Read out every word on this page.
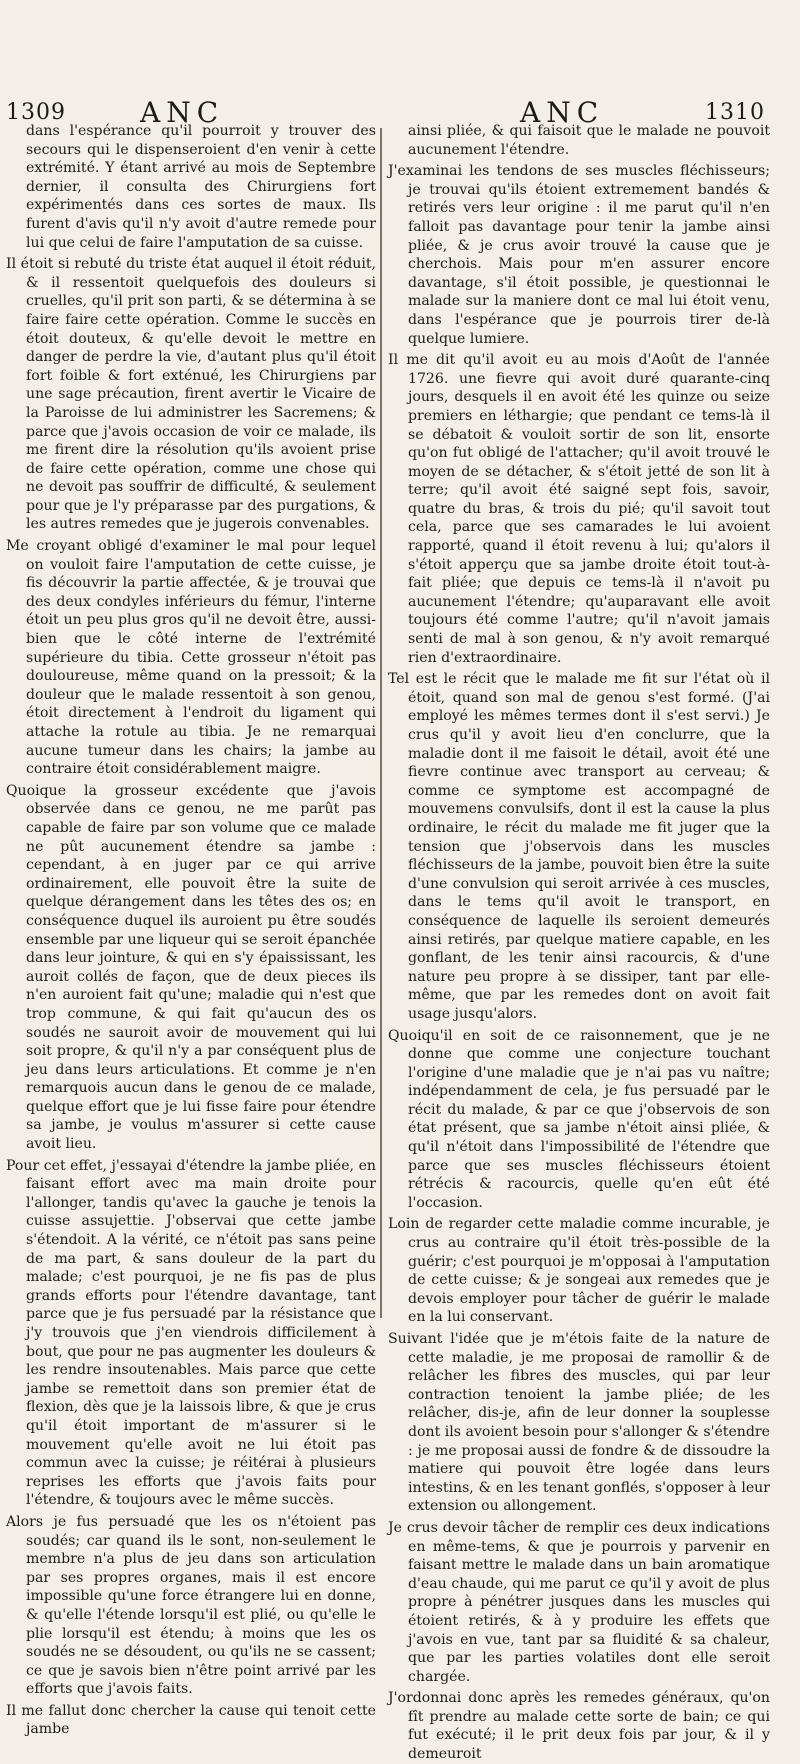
1309	ANC	ANC	1310

dans l'espérance qu'il pourroit y trouver des secours qui le dispenseroient d'en venir à cette extrémité. Y étant arrivé au mois de Septembre dernier, il consulta des Chirurgiens fort expérimentés dans ces sortes de maux. Ils furent d'avis qu'il n'y avoit d'autre remede pour lui que celui de faire l'amputation de sa cuisse.

Il étoit si rebuté du triste état auquel il étoit réduit, & il ressentoit quelquefois des douleurs si cruelles, qu'il prit son parti, & se détermina à se faire faire cette opération. Comme le succès en étoit douteux, & qu'elle devoit le mettre en danger de perdre la vie, d'autant plus qu'il étoit fort foible & fort exténué, les Chirurgiens par une sage précaution, firent avertir le Vicaire de la Paroisse de lui administrer les Sacremens; & parce que j'avois occasion de voir ce malade, ils me firent dire la résolution qu'ils avoient prise de faire cette opération, comme une chose qui ne devoit pas souffrir de difficulté, & seulement pour que je l'y préparasse par des purgations, & les autres remedes que je jugerois convenables.

Me croyant obligé d'examiner le mal pour lequel on vouloit faire l'amputation de cette cuisse, je fis découvrir la partie affectée, & je trouvai que des deux condyles inférieurs du fémur, l'interne étoit un peu plus gros qu'il ne devoit être, aussi-bien que le côté interne de l'extrémité supérieure du tibia. Cette grosseur n'étoit pas douloureuse, même quand on la pressoit; & la douleur que le malade ressentoit à son genou, étoit directement à l'endroit du ligament qui attache la rotule au tibia. Je ne remarquai aucune tumeur dans les chairs; la jambe au contraire étoit considérablement maigre.

Quoique la grosseur excédente que j'avois observée dans ce genou, ne me parût pas capable de faire par son volume que ce malade ne pût aucunement étendre sa jambe : cependant, à en juger par ce qui arrive ordinairement, elle pouvoit être la suite de quelque dérangement dans les têtes des os; en conséquence duquel ils auroient pu être soudés ensemble par une liqueur qui se seroit épanchée dans leur jointure, & qui en s'y épaississant, les auroit collés de façon, que de deux pieces ils n'en auroient fait qu'une; maladie qui n'est que trop commune, & qui fait qu'aucun des os soudés ne sauroit avoir de mouvement qui lui soit propre, & qu'il n'y a par conséquent plus de jeu dans leurs articulations. Et comme je n'en remarquois aucun dans le genou de ce malade, quelque effort que je lui fisse faire pour étendre sa jambe, je voulus m'assurer si cette cause avoit lieu.

Pour cet effet, j'essayai d'étendre la jambe pliée, en faisant effort avec ma main droite pour l'allonger, tandis qu'avec la gauche je tenois la cuisse assujettie. J'observai que cette jambe s'étendoit. A la vérité, ce n'étoit pas sans peine de ma part, & sans douleur de la part du malade; c'est pourquoi, je ne fis pas de plus grands efforts pour l'étendre davantage, tant parce que je fus persuadé par la résistance que j'y trouvois que j'en viendrois difficilement à bout, que pour ne pas augmenter les douleurs & les rendre insoutenables. Mais parce que cette jambe se remettoit dans son premier état de flexion, dès que je la laissois libre, & que je crus qu'il étoit important de m'assurer si le mouvement qu'elle avoit ne lui étoit pas commun avec la cuisse; je réitérai à plusieurs reprises les efforts que j'avois faits pour l'étendre, & toujours avec le même succès.

Alors je fus persuadé que les os n'étoient pas soudés; car quand ils le sont, non-seulement le membre n'a plus de jeu dans son articulation par ses propres organes, mais il est encore impossible qu'une force étrangere lui en donne, & qu'elle l'étende lorsqu'il est plié, ou qu'elle le plie lorsqu'il est étendu; à moins que les os soudés ne se désoudent, ou qu'ils ne se cassent; ce que je savois bien n'être point arrivé par les efforts que j'avois faits.

Il me fallut donc chercher la cause qui tenoit cette jambe

ainsi pliée, & qui faisoit que le malade ne pouvoit aucunement l'étendre.

J'examinai les tendons de ses muscles fléchisseurs; je trouvai qu'ils étoient extremement bandés & retirés vers leur origine : il me parut qu'il n'en falloit pas davantage pour tenir la jambe ainsi pliée, & je crus avoir trouvé la cause que je cherchois. Mais pour m'en assurer encore davantage, s'il étoit possible, je questionnai le malade sur la maniere dont ce mal lui étoit venu, dans l'espérance que je pourrois tirer de-là quelque lumiere.

Il me dit qu'il avoit eu au mois d'Août de l'année 1726. une fievre qui avoit duré quarante-cinq jours, desquels il en avoit été les quinze ou seize premiers en léthargie; que pendant ce tems-là il se débatoit & vouloit sortir de son lit, ensorte qu'on fut obligé de l'attacher; qu'il avoit trouvé le moyen de se détacher, & s'étoit jetté de son lit à terre; qu'il avoit été saigné sept fois, savoir, quatre du bras, & trois du pié; qu'il savoit tout cela, parce que ses camarades le lui avoient rapporté, quand il étoit revenu à lui; qu'alors il s'étoit apperçu que sa jambe droite étoit tout-à-fait pliée; que depuis ce tems-là il n'avoit pu aucunement l'étendre; qu'auparavant elle avoit toujours été comme l'autre; qu'il n'avoit jamais senti de mal à son genou, & n'y avoit remarqué rien d'extraordinaire.

Tel est le récit que le malade me fit sur l'état où il étoit, quand son mal de genou s'est formé. (J'ai employé les mêmes termes dont il s'est servi.) Je crus qu'il y avoit lieu d'en conclurre, que la maladie dont il me faisoit le détail, avoit été une fievre continue avec transport au cerveau; & comme ce symptome est accompagné de mouvemens convulsifs, dont il est la cause la plus ordinaire, le récit du malade me fit juger que la tension que j'observois dans les muscles fléchisseurs de la jambe, pouvoit bien être la suite d'une convulsion qui seroit arrivée à ces muscles, dans le tems qu'il avoit le transport, en conséquence de laquelle ils seroient demeurés ainsi retirés, par quelque matiere capable, en les gonflant, de les tenir ainsi racourcis, & d'une nature peu propre à se dissiper, tant par elle-même, que par les remedes dont on avoit fait usage jusqu'alors.

Quoiqu'il en soit de ce raisonnement, que je ne donne que comme une conjecture touchant l'origine d'une maladie que je n'ai pas vu naître; indépendamment de cela, je fus persuadé par le récit du malade, & par ce que j'observois de son état présent, que sa jambe n'étoit ainsi pliée, & qu'il n'étoit dans l'impossibilité de l'étendre que parce que ses muscles fléchisseurs étoient rétrécis & racourcis, quelle qu'en eût été l'occasion.

Loin de regarder cette maladie comme incurable, je crus au contraire qu'il étoit très-possible de la guérir; c'est pourquoi je m'opposai à l'amputation de cette cuisse; & je songeai aux remedes que je devois employer pour tâcher de guérir le malade en la lui conservant.

Suivant l'idée que je m'étois faite de la nature de cette maladie, je me proposai de ramollir & de relâcher les fibres des muscles, qui par leur contraction tenoient la jambe pliée; de les relâcher, dis-je, afin de leur donner la souplesse dont ils avoient besoin pour s'allonger & s'étendre : je me proposai aussi de fondre & de dissoudre la matiere qui pouvoit être logée dans leurs intestins, & en les tenant gonflés, s'opposer à leur extension ou allongement.

Je crus devoir tâcher de remplir ces deux indications en même-tems, & que je pourrois y parvenir en faisant mettre le malade dans un bain aromatique d'eau chaude, qui me parut ce qu'il y avoit de plus propre à pénétrer jusques dans les muscles qui étoient retirés, & à y produire les effets que j'avois en vue, tant par sa fluidité & sa chaleur, que par les parties volatiles dont elle seroit chargée.

J'ordonnai donc après les remedes généraux, qu'on fît prendre au malade cette sorte de bain; ce qui fut exécuté; il le prit deux fois par jour, & il y demeuroit
